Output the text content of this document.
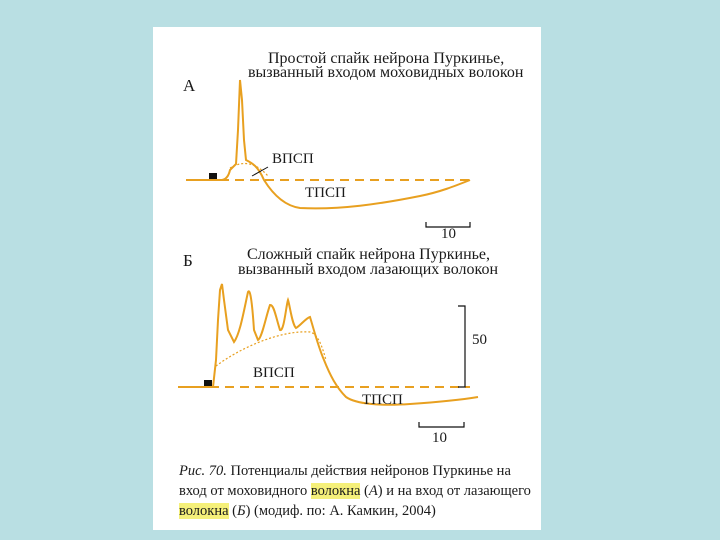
А
Простой спайк нейрона Пуркинье,
вызванный входом моховидных волокон
ВПСП
ТПСП
10
Б	Сложный спайк нейрона Пуркинье,
вызванный входом лазающих волокон
ВПСП
ТПСП
50
10
Рис. 70. Потенциалы действия нейронов Пуркинье на вход от моховидного волокна (А) и на вход от лазающего волокна (Б) (модиф. по: А. Камкин, 2004)
